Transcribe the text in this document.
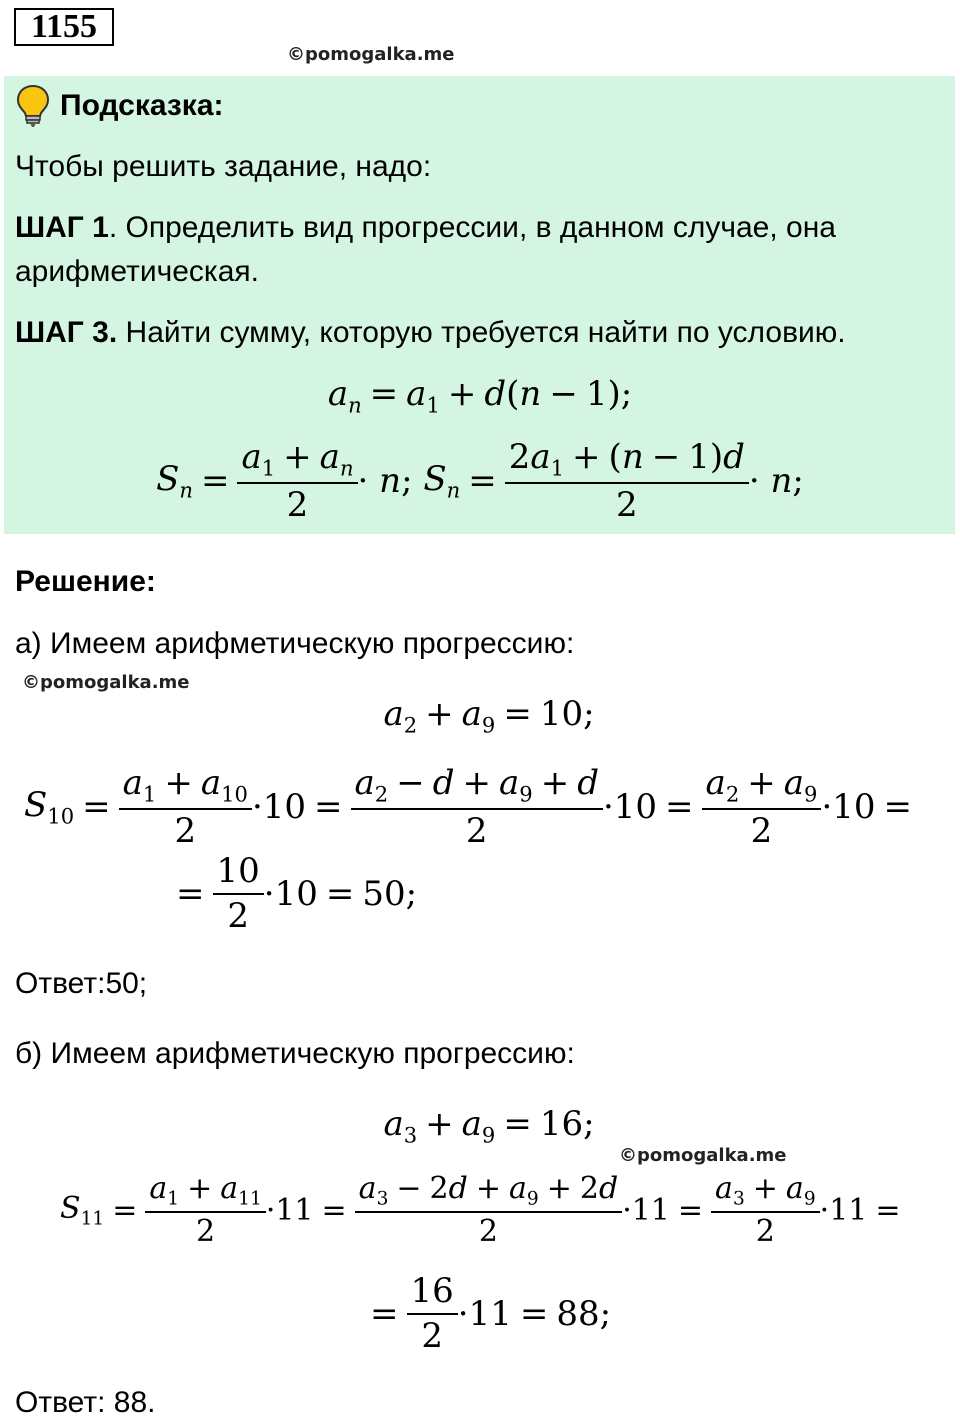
1155
©pomogalka.me
Подсказка:
Чтобы решить задание, надо:
ШАГ 1. Определить вид прогрессии, в данном случае, она
арифметическая.
ШАГ 3. Найти сумму, которую требуется найти по условию.
$a_n = a_1 + d(n - 1)$;
$S_n = \frac{a_1 + a_n}{2} \cdot n$ ; $S_n = \frac{2a_1 + (n - 1)d}{2} \cdot n$ ;
Решение:
а) Имеем арифметическую прогрессию:
©pomogalka.me
$a_2 + a_9 = 10$;
$S_{10} = \frac{a_1 + a_{10}}{2} \cdot 10 = \frac{a_2 - d + a_9 + d}{2} \cdot 10 = \frac{a_2 + a_9}{2} \cdot 10$ =
= $\frac{10}{2} \cdot 10 = 50$;
Ответ:50;
б) Имеем арифметическую прогрессию:
$a_3 + a_9 = 16$;
©pomogalka.me
$S_{11} = \frac{a_1 + a_{11}}{2} \cdot 11 = \frac{a_3 - 2d + a_9 + 2d}{2} \cdot 11 = \frac{a_3 + a_9}{2} \cdot 11$ =
= $\frac{16}{2} \cdot 11 = 88$;
Ответ: 88.
